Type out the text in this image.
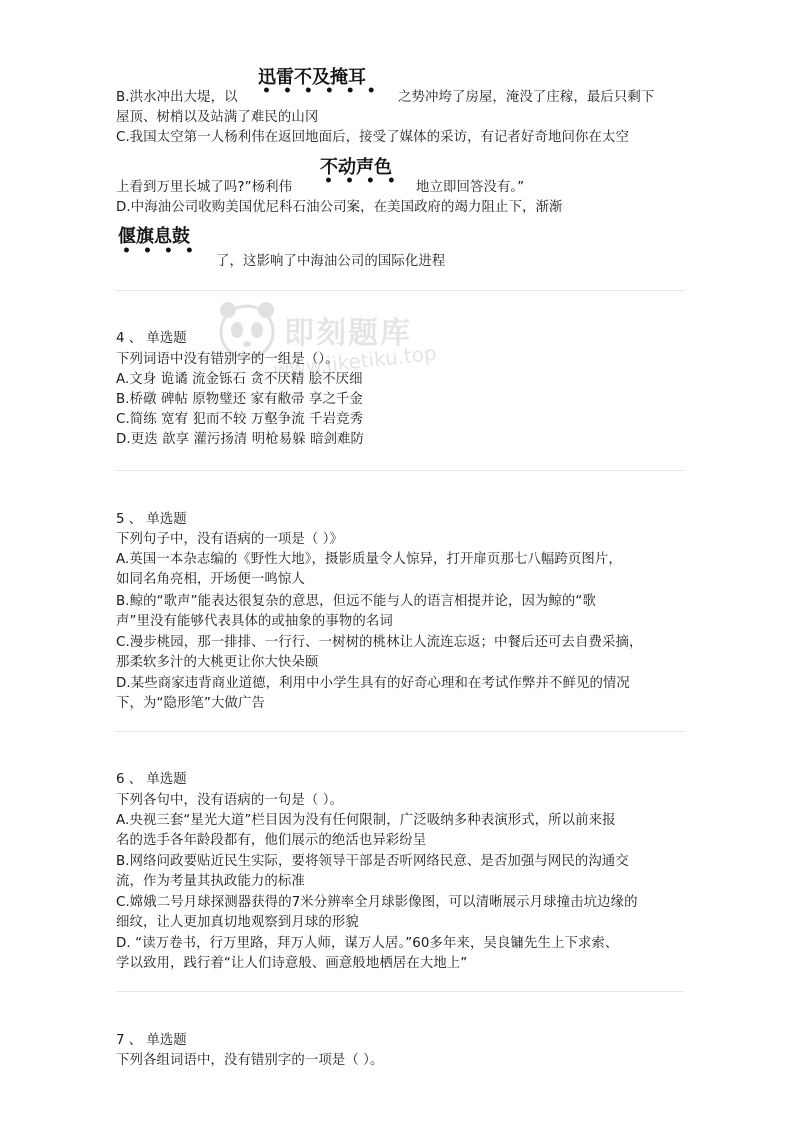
迅雷不及掩耳
••••••
B.洪水冲出大堤，以	之势冲垮了房屋，淹没了庄稼，最后只剩下
屋顶、树梢以及站满了难民的山冈
C.我国太空第一人杨利伟在返回地面后，接受了媒体的采访，有记者好奇地问你在太空
不动声色
••••
上看到万里长城了吗?”杨利伟	地立即回答没有。”
D.中海油公司收购美国优尼科石油公司案，在美国政府的竭力阻止下，渐渐
偃旗息鼓
••••
了，这影响了中海油公司的国际化进程
即刻题库
www.jiketiku.top
4 、 单选题
下列词语中没有错别字的一组是（）。
A.文身 诡谲 流金铄石 贪不厌精 脍不厌细
B.桥礅 碑帖 原物璧还 家有敝帚 享之千金
C.简练 宽宥 犯而不较 万壑争流 千岩竞秀
D.更迭 歆享 灌污扬清 明枪易躲 暗剑难防
5 、 单选题
下列句子中，没有语病的一项是（ ）》
A.英国一本杂志编的《野性大地》，摄影质量令人惊异，打开扉页那七八幅跨页图片，
如同名角亮相，开场便一鸣惊人
B.鲸的“歌声”能表达很复杂的意思，但远不能与人的语言相提并论，因为鲸的“歌
声”里没有能够代表具体的或抽象的事物的名词
C.漫步桃园，那一排排、一行行、一树树的桃林让人流连忘返；中餐后还可去自费采摘，
那柔软多汁的大桃更让你大快朵颐
D.某些商家违背商业道德，利用中小学生具有的好奇心理和在考试作弊并不鲜见的情况
下，为“隐形笔”大做广告
6 、 单选题
下列各句中，没有语病的一句是（ ）。
A.央视三套“星光大道”栏目因为没有任何限制，广泛吸纳多种表演形式，所以前来报
名的选手各年龄段都有，他们展示的绝活也异彩纷呈
B.网络问政要贴近民生实际，要将领导干部是否听网络民意、是否加强与网民的沟通交
流，作为考量其执政能力的标准
C.嫦娥二号月球探测器获得的7米分辨率全月球影像图，可以清晰展示月球撞击坑边缘的
细纹，让人更加真切地观察到月球的形貌
D. “读万卷书，行万里路，拜万人师，谋万人居。”60多年来，吴良镛先生上下求索、
学以致用，践行着“让人们诗意般、画意般地栖居在大地上”
7 、 单选题
下列各组词语中，没有错别字的一项是（ ）。
